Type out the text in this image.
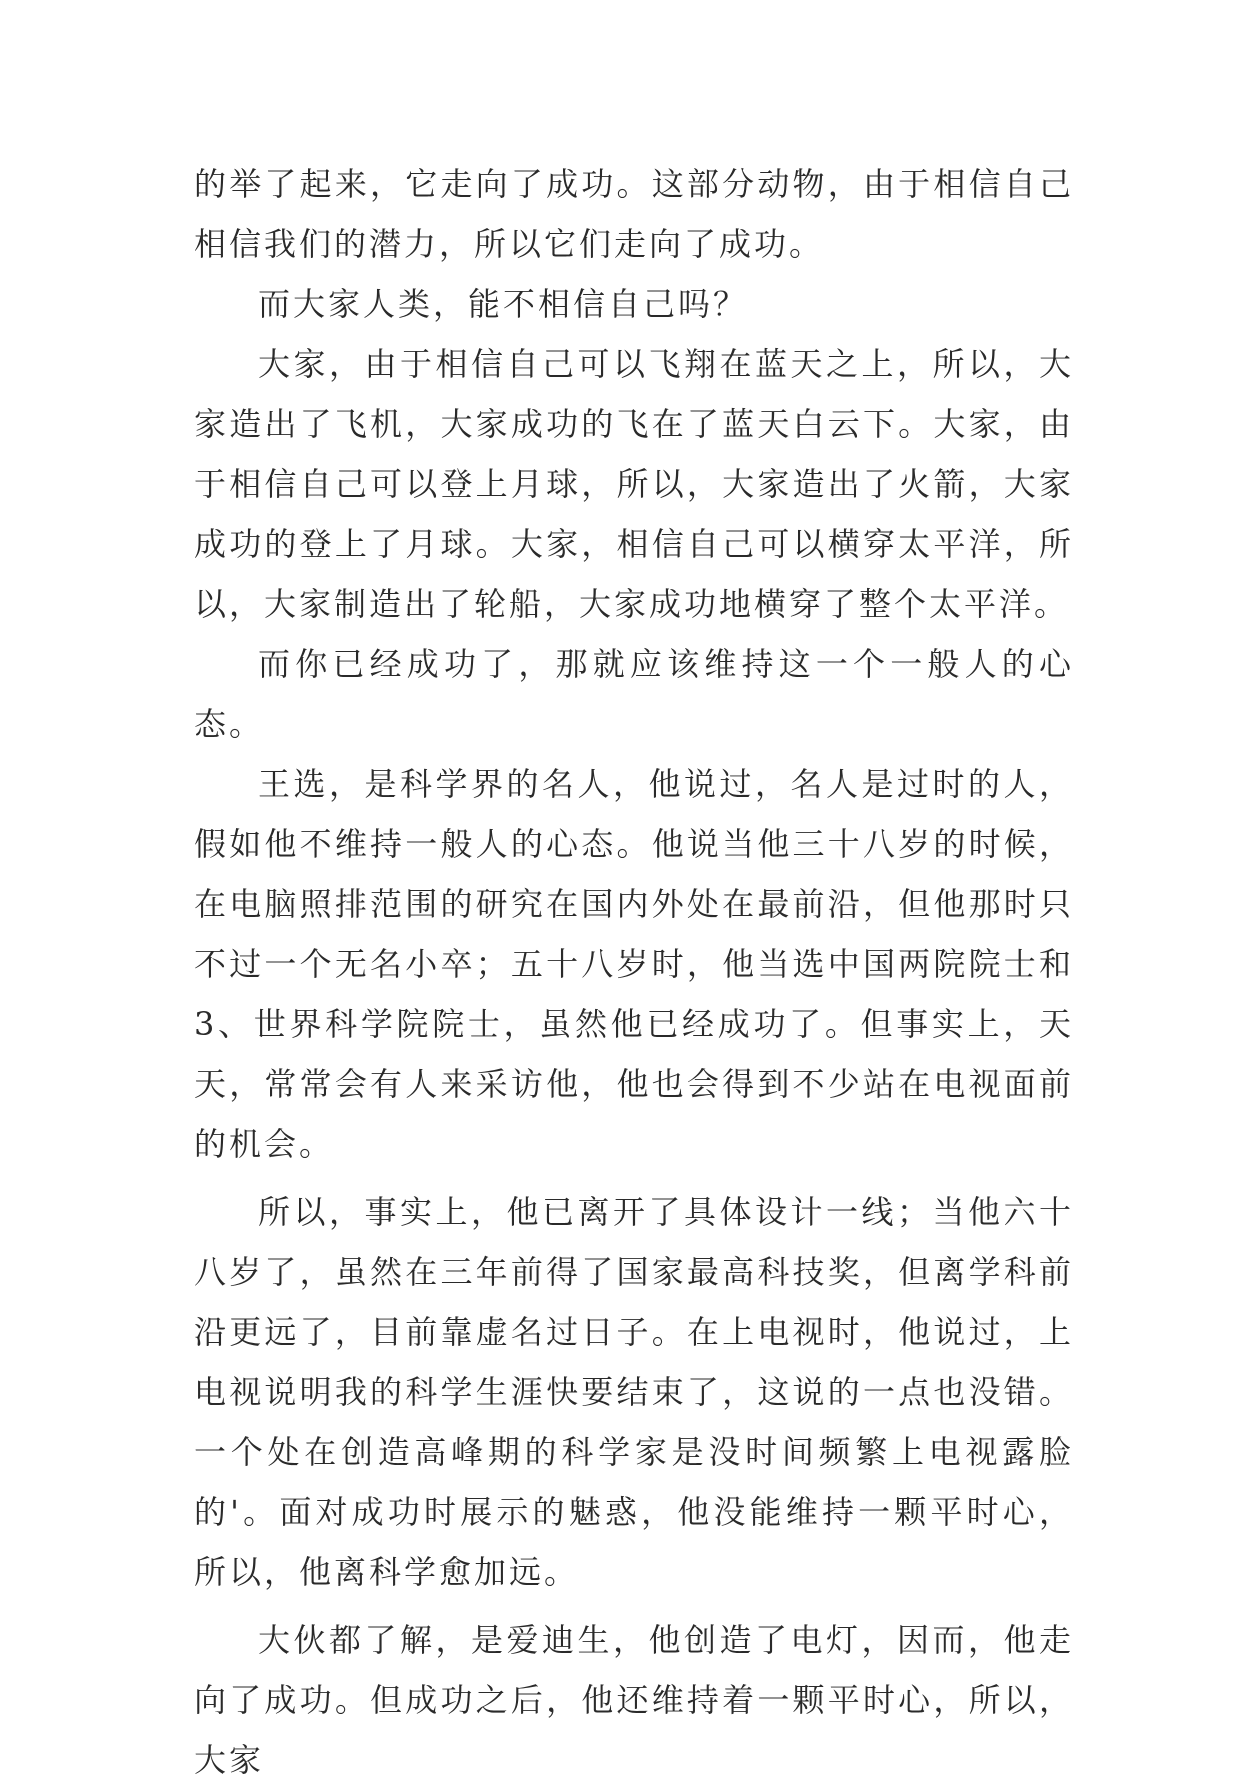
的举了起来，它走向了成功。这部分动物，由于相信自己相信我们的潜力，所以它们走向了成功。

而大家人类，能不相信自己吗？

大家，由于相信自己可以飞翔在蓝天之上，所以，大家造出了飞机，大家成功的飞在了蓝天白云下。大家，由于相信自己可以登上月球，所以，大家造出了火箭，大家成功的登上了月球。大家，相信自己可以横穿太平洋，所以，大家制造出了轮船，大家成功地横穿了整个太平洋。

而你已经成功了，那就应该维持这一个一般人的心态。

王选，是科学界的名人，他说过，名人是过时的人，假如他不维持一般人的心态。他说当他三十八岁的时候，在电脑照排范围的研究在国内外处在最前沿，但他那时只不过一个无名小卒；五十八岁时，他当选中国两院院士和 3、世界科学院院士，虽然他已经成功了。但事实上，天天，常常会有人来采访他，他也会得到不少站在电视面前的机会。

所以，事实上，他已离开了具体设计一线；当他六十八岁了，虽然在三年前得了国家最高科技奖，但离学科前沿更远了，目前靠虚名过日子。在上电视时，他说过，上电视说明我的科学生涯快要结束了，这说的一点也没错。一个处在创造高峰期的科学家是没时间频繁上电视露脸的'。面对成功时展示的魅惑，他没能维持一颗平时心，所以，他离科学愈加远。

大伙都了解，是爱迪生，他创造了电灯，因而，他走向了成功。但成功之后，他还维持着一颗平时心，所以，大家
